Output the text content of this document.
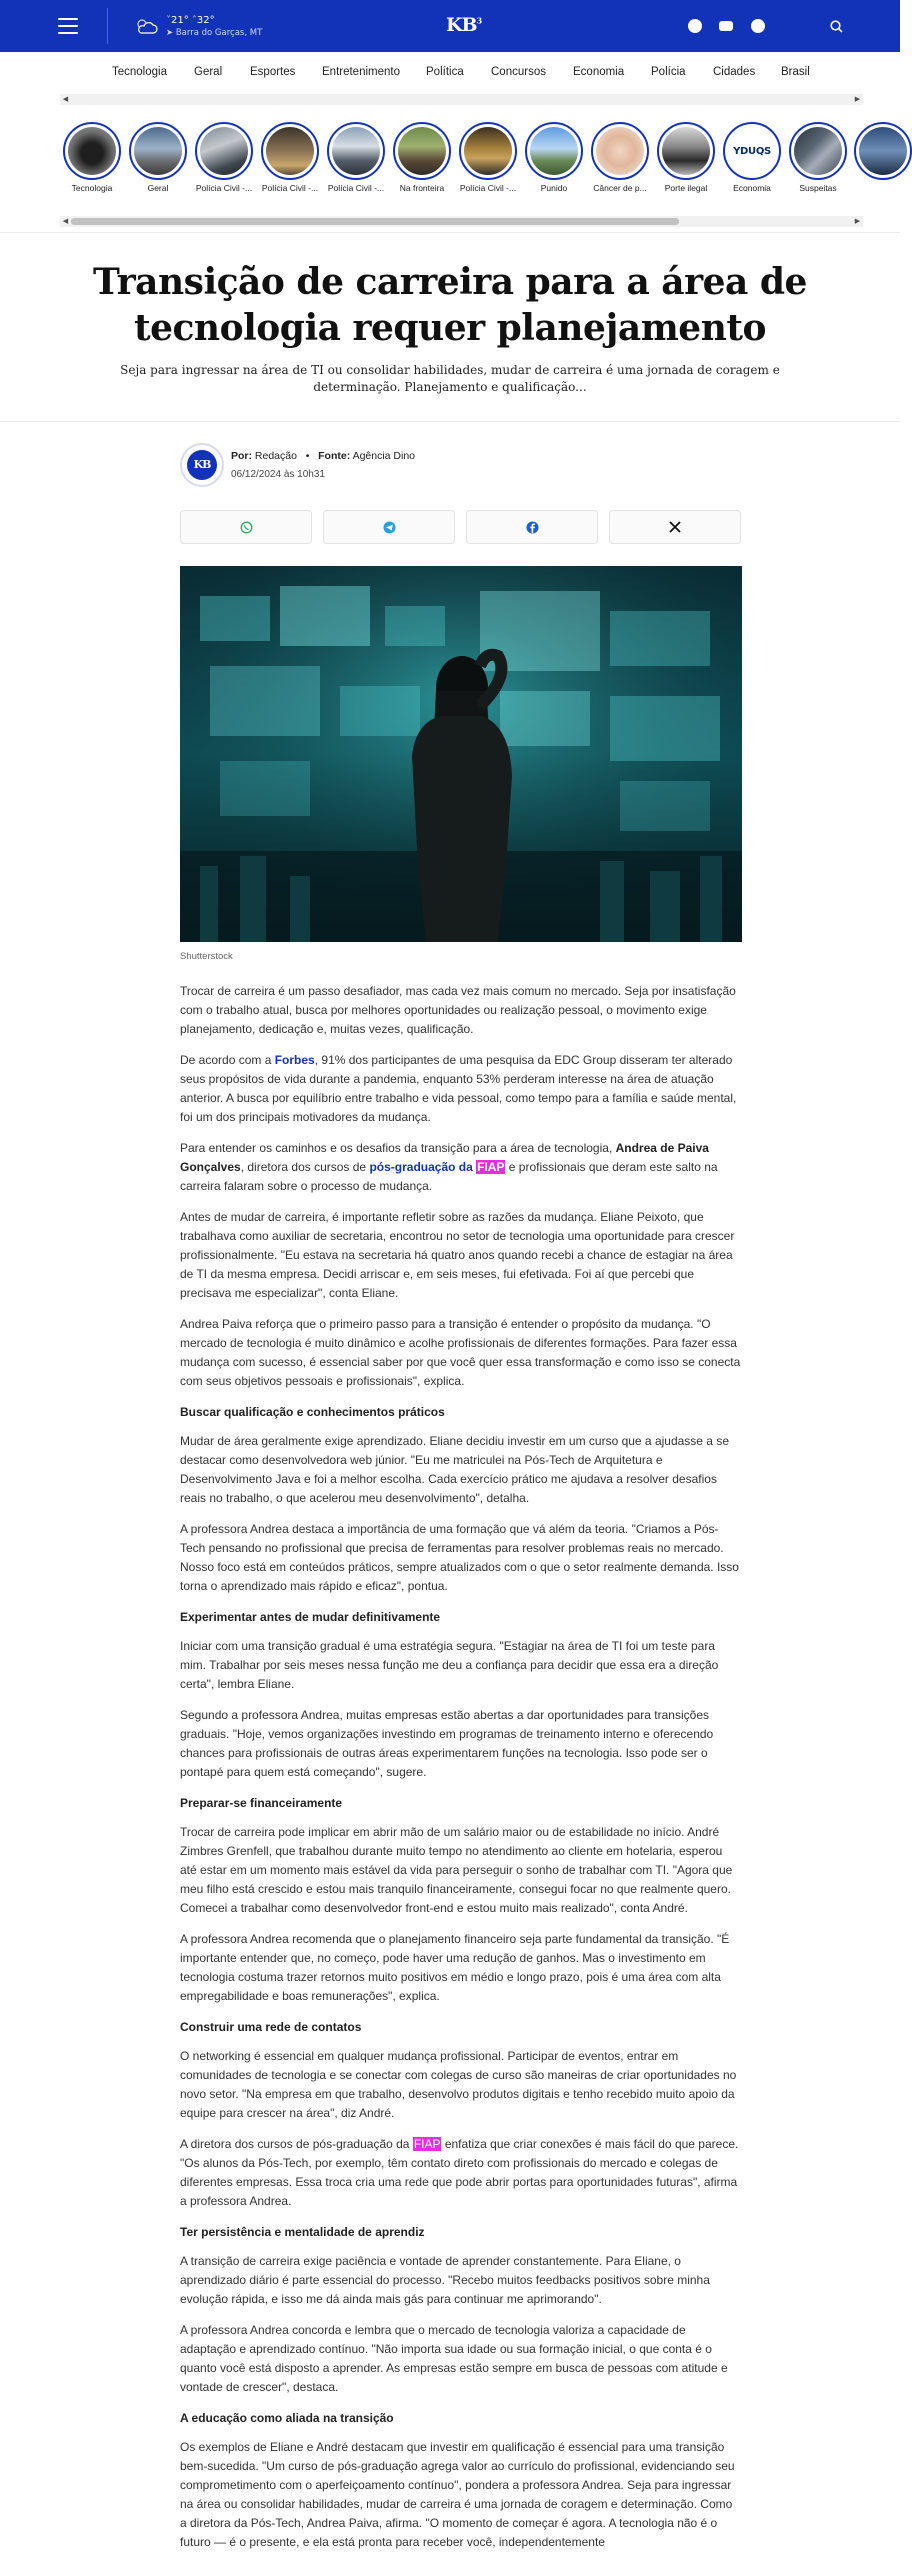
˅21° ˄32°
➤ Barra do Garças, MT	$KB^3$
Tecnologia Geral Esportes Entretenimento Política Concursos Economia Polícia Cidades Brasil
◀	▶
Tecnologia	Geral	Polícia Civil -... Polícia Civil -... Polícia Civil -...	Na fronteira	Polícia Civil -...	Punido	Câncer de p...	Porte ilegal
YDUQS
Economia	Suspeitas
◀	▶
Transição de carreira para a área de tecnologia requer planejamento

Seja para ingressar na área de TI ou consolidar habilidades, mudar de carreira é uma jornada de coragem e determinação. Planejamento e qualificação...

KB
Por: Redação   •   Fonte: Agência Dino
06/12/2024 às 10h31
Shutterstock

Trocar de carreira é um passo desafiador, mas cada vez mais comum no mercado. Seja por insatisfação com o trabalho atual, busca por melhores oportunidades ou realização pessoal, o movimento exige planejamento, dedicação e, muitas vezes, qualificação.

De acordo com a Forbes, 91% dos participantes de uma pesquisa da EDC Group disseram ter alterado seus propósitos de vida durante a pandemia, enquanto 53% perderam interesse na área de atuação anterior. A busca por equilíbrio entre trabalho e vida pessoal, como tempo para a família e saúde mental, foi um dos principais motivadores da mudança.

Para entender os caminhos e os desafios da transição para a área de tecnologia, Andrea de Paiva Gonçalves, diretora dos cursos de pós-graduação da FIAP e profissionais que deram este salto na carreira falaram sobre o processo de mudança.

Antes de mudar de carreira, é importante refletir sobre as razões da mudança. Eliane Peixoto, que trabalhava como auxiliar de secretaria, encontrou no setor de tecnologia uma oportunidade para crescer profissionalmente. "Eu estava na secretaria há quatro anos quando recebi a chance de estagiar na área de TI da mesma empresa. Decidi arriscar e, em seis meses, fui efetivada. Foi aí que percebi que precisava me especializar", conta Eliane.

Andrea Paiva reforça que o primeiro passo para a transição é entender o propósito da mudança. "O mercado de tecnologia é muito dinâmico e acolhe profissionais de diferentes formações. Para fazer essa mudança com sucesso, é essencial saber por que você quer essa transformação e como isso se conecta com seus objetivos pessoais e profissionais", explica.

Buscar qualificação e conhecimentos práticos

Mudar de área geralmente exige aprendizado. Eliane decidiu investir em um curso que a ajudasse a se destacar como desenvolvedora web júnior. "Eu me matriculei na Pós-Tech de Arquitetura e Desenvolvimento Java e foi a melhor escolha. Cada exercício prático me ajudava a resolver desafios reais no trabalho, o que acelerou meu desenvolvimento", detalha.

A professora Andrea destaca a importância de uma formação que vá além da teoria. "Criamos a Pós-Tech pensando no profissional que precisa de ferramentas para resolver problemas reais no mercado. Nosso foco está em conteúdos práticos, sempre atualizados com o que o setor realmente demanda. Isso torna o aprendizado mais rápido e eficaz", pontua.

Experimentar antes de mudar definitivamente

Iniciar com uma transição gradual é uma estratégia segura. "Estagiar na área de TI foi um teste para mim. Trabalhar por seis meses nessa função me deu a confiança para decidir que essa era a direção certa", lembra Eliane.

Segundo a professora Andrea, muitas empresas estão abertas a dar oportunidades para transições graduais. "Hoje, vemos organizações investindo em programas de treinamento interno e oferecendo chances para profissionais de outras áreas experimentarem funções na tecnologia. Isso pode ser o pontapé para quem está começando", sugere.

Preparar-se financeiramente

Trocar de carreira pode implicar em abrir mão de um salário maior ou de estabilidade no início. André Zimbres Grenfell, que trabalhou durante muito tempo no atendimento ao cliente em hotelaria, esperou até estar em um momento mais estável da vida para perseguir o sonho de trabalhar com TI. "Agora que meu filho está crescido e estou mais tranquilo financeiramente, consegui focar no que realmente quero. Comecei a trabalhar como desenvolvedor front-end e estou muito mais realizado", conta André.

A professora Andrea recomenda que o planejamento financeiro seja parte fundamental da transição. "É importante entender que, no começo, pode haver uma redução de ganhos. Mas o investimento em tecnologia costuma trazer retornos muito positivos em médio e longo prazo, pois é uma área com alta empregabilidade e boas remunerações", explica.

Construir uma rede de contatos

O networking é essencial em qualquer mudança profissional. Participar de eventos, entrar em comunidades de tecnologia e se conectar com colegas de curso são maneiras de criar oportunidades no novo setor. "Na empresa em que trabalho, desenvolvo produtos digitais e tenho recebido muito apoio da equipe para crescer na área", diz André.

A diretora dos cursos de pós-graduação da FIAP enfatiza que criar conexões é mais fácil do que parece. "Os alunos da Pós-Tech, por exemplo, têm contato direto com profissionais do mercado e colegas de diferentes empresas. Essa troca cria uma rede que pode abrir portas para oportunidades futuras", afirma a professora Andrea.

Ter persistência e mentalidade de aprendiz

A transição de carreira exige paciência e vontade de aprender constantemente. Para Eliane, o aprendizado diário é parte essencial do processo. "Recebo muitos feedbacks positivos sobre minha evolução rápida, e isso me dá ainda mais gás para continuar me aprimorando".

A professora Andrea concorda e lembra que o mercado de tecnologia valoriza a capacidade de adaptação e aprendizado contínuo. "Não importa sua idade ou sua formação inicial, o que conta é o quanto você está disposto a aprender. As empresas estão sempre em busca de pessoas com atitude e vontade de crescer", destaca.

A educação como aliada na transição

Os exemplos de Eliane e André destacam que investir em qualificação é essencial para uma transição bem-sucedida. "Um curso de pós-graduação agrega valor ao currículo do profissional, evidenciando seu comprometimento com o aperfeiçoamento contínuo", pondera a professora Andrea. Seja para ingressar na área ou consolidar habilidades, mudar de carreira é uma jornada de coragem e determinação. Como a diretora da Pós-Tech, Andrea Paiva, afirma. "O momento de começar é agora. A tecnologia não é o futuro — é o presente, e ela está pronta para receber você, independentemente
